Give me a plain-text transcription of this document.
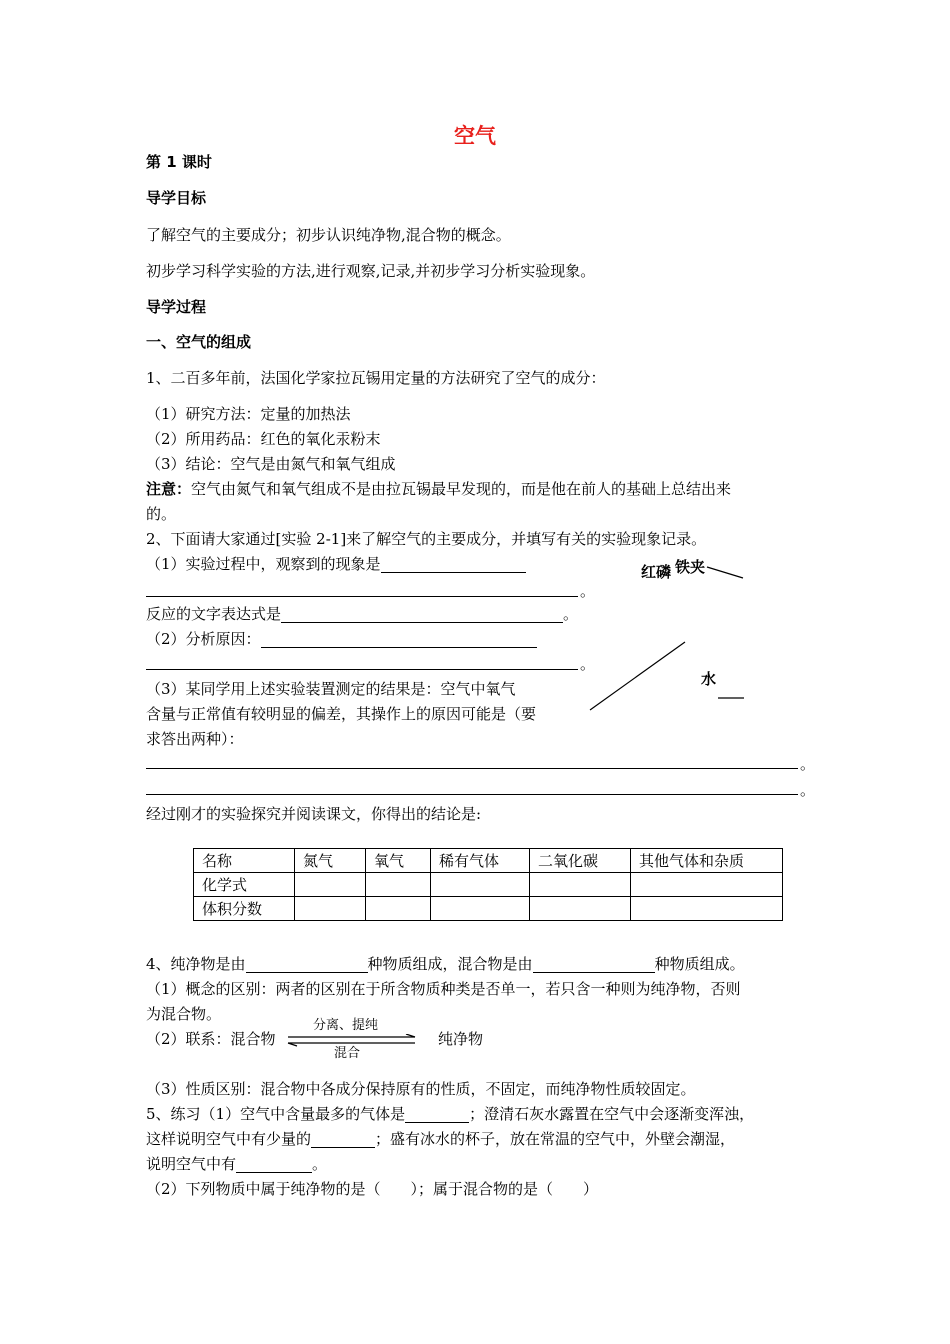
空气
第 1 课时
导学目标
了解空气的主要成分；初步认识纯净物,混合物的概念。
初步学习科学实验的方法,进行观察,记录,并初步学习分析实验现象。
导学过程
一、空气的组成
1、二百多年前，法国化学家拉瓦锡用定量的方法研究了空气的成分：
（1）研究方法：定量的加热法
（2）所用药品：红色的氧化汞粉末
（3）结论：空气是由氮气和氧气组成
注意：空气由氮气和氧气组成不是由拉瓦锡最早发现的，而是他在前人的基础上总结出来
的。
2、下面请大家通过[实验 2-1]来了解空气的主要成分，并填写有关的实验现象记录。
（1）实验过程中，观察到的现象是
。
反应的文字表达式是	。
（2）分析原因：
。
（3）某同学用上述实验装置测定的结果是：空气中氧气
含量与正常值有较明显的偏差，其操作上的原因可能是（要
求答出两种）：
。
。
红磷 铁夹
水
经过刚才的实验探究并阅读课文，你得出的结论是:
名称	氮气	氧气	稀有气体	二氧化碳	其他气体和杂质
化学式					
体积分数					
4、纯净物是由	种物质组成，混合物是由	种物质组成。
（1）概念的区别：两者的区别在于所含物质种类是否单一，若只含一种则为纯净物，否则
为混合物。
（2）联系：混合物
分离、提纯
混合
纯净物
（3）性质区别：混合物中各成分保持原有的性质，不固定，而纯净物性质较固定。
5、练习（1）空气中含量最多的气体是	；澄清石灰水露置在空气中会逐渐变浑浊，
这样说明空气中有少量的	；盛有冰水的杯子，放在常温的空气中，外壁会潮湿，
说明空气中有	。
（2）下列物质中属于纯净物的是（　　）；属于混合物的是（　　）
